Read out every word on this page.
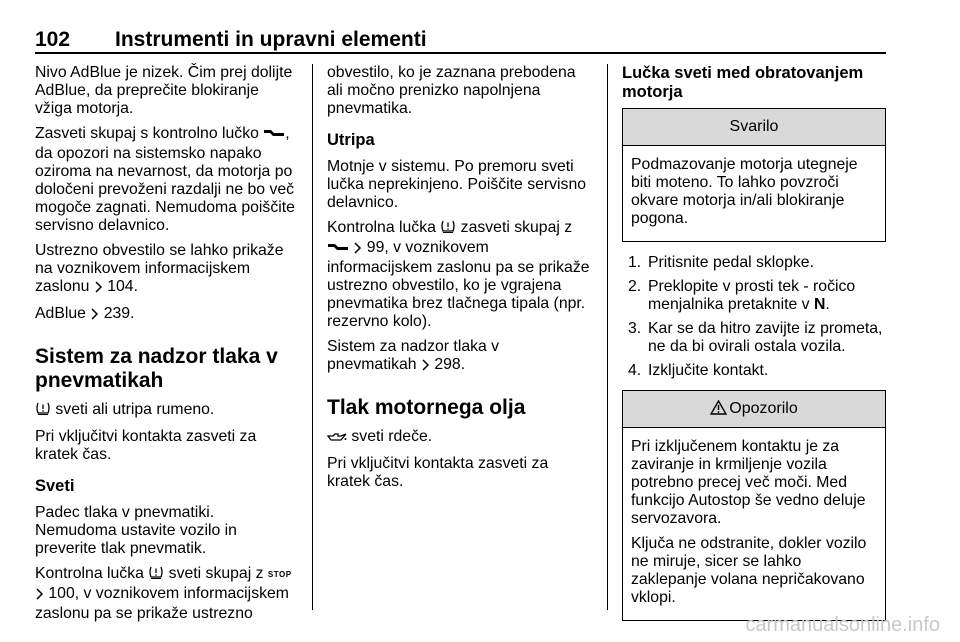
102 Instrumenti in upravni elementi

Nivo AdBlue je nizek. Čim prej dolijte AdBlue, da preprečite blokiranje vžiga motorja.

Zasveti skupaj s kontrolno lučko , da opozori na sistemsko napako oziroma na nevarnost, da motorja po določeni prevoženi razdalji ne bo več mogoče zagnati. Nemudoma poiščite servisno delavnico.

Ustrezno obvestilo se lahko prikaže na voznikovem informacijskem zaslonu 104.

AdBlue 239.

Sistem za nadzor tlaka v pnevmatikah

sveti ali utripa rumeno.

Pri vključitvi kontakta zasveti za kratek čas.

Sveti

Padec tlaka v pnevmatiki. Nemudoma ustavite vozilo in preverite tlak pnevmatik.

Kontrolna lučka sveti skupaj z STOP  100, v voznikovem informacijskem zaslonu pa se prikaže ustrezno

obvestilo, ko je zaznana prebodena ali močno prenizko napolnjena pnevmatika.

Utripa

Motnje v sistemu. Po premoru sveti lučka neprekinjeno. Poiščite servisno delavnico.

Kontrolna lučka zasveti skupaj z   99, v voznikovem informacijskem zaslonu pa se prikaže ustrezno obvestilo, ko je vgrajena pnevmatika brez tlačnega tipala (npr. rezervno kolo).

Sistem za nadzor tlaka v pnevmatikah 298.

Tlak motornega olja

sveti rdeče.

Pri vključitvi kontakta zasveti za kratek čas.

Lučka sveti med obratovanjem motorja
Svarilo

Podmazovanje motorja utegneje biti moteno. To lahko povzroči okvare motorja in/ali blokiranje pogona.

1. Pritisnite pedal sklopke.
2. Preklopite v prosti tek - ročico menjalnika pretaknite v N.
3. Kar se da hitro zavijte iz prometa, ne da bi ovirali ostala vozila.
4. Izključite kontakt.
Opozorilo

Pri izključenem kontaktu je za zaviranje in krmiljenje vozila potrebno precej več moči. Med funkcijo Autostop še vedno deluje servozavora.

Ključa ne odstranite, dokler vozilo ne miruje, sicer se lahko zaklepanje volana nepričakovano vklopi.

carmanualsonline.info
